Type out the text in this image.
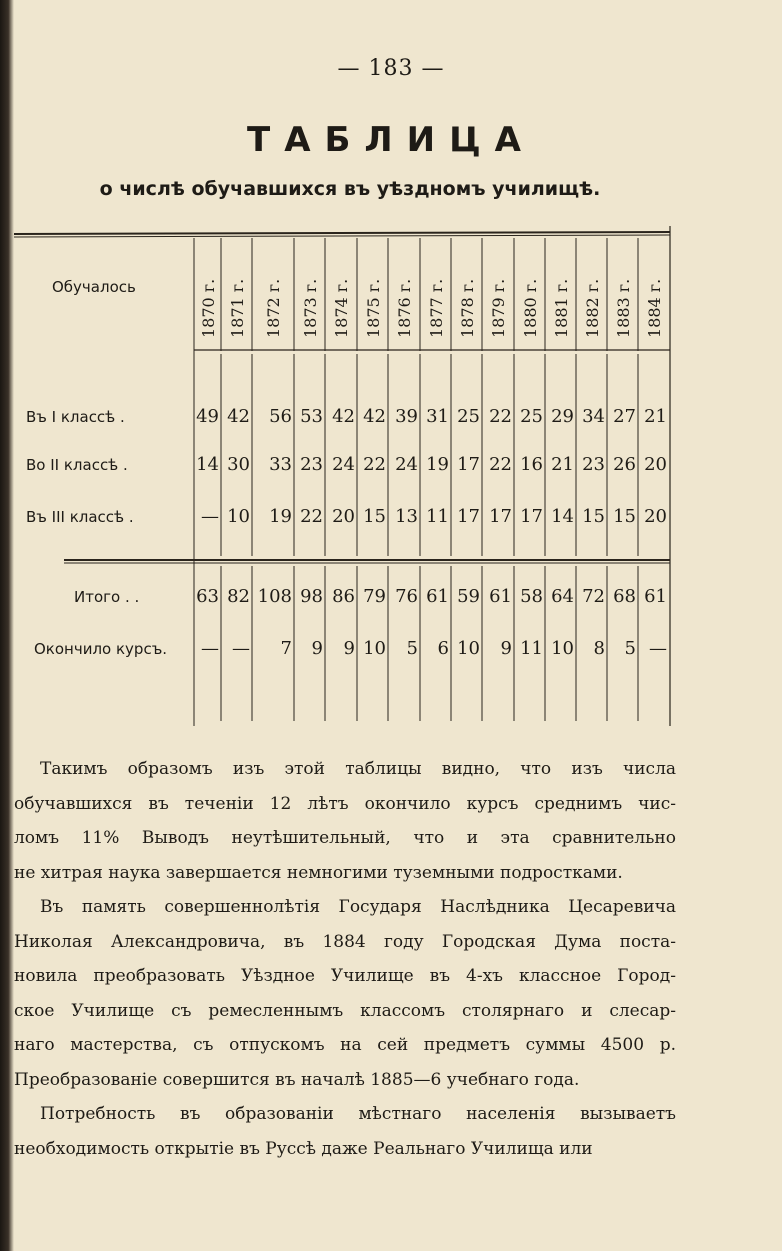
— 183 —
ТАБЛИЦА
о числѣ обучавшихся въ уѣздномъ училищѣ.
Обучалось	1870 г. 1871 г. 1872 г. 1873 г. 1874 г. 1875 г. 1876 г. 1877 г. 1878 г. 1879 г. 1880 г. 1881 г. 1882 г. 1883 г. 1884 г.
Въ I классѣ .	49 42	56 53 42 42 39 31 25 22 25 29 34 27 21
Во II классѣ .	14 30	33 23 24 22 24 19 17 22 16 21 23 26 20
Въ III классѣ .	— 10	19 22 20 15 13 11 17 17 17 14 15 15 20
Итого . .	63 82 108 98 86 79 76 61 59 61 58 64 72 68 61
Окончило курсъ.	— —	7	9	9 10	5	6 10	9 11 10	8	5 —
Такимъ образомъ изъ этой таблицы видно, что изъ числа
обучавшихся въ теченіи 12 лѣтъ окончило курсъ среднимъ чис-
ломъ 11% Выводъ неутѣшительный, что и эта сравнительно
не хитрая наука завершается немногими туземными подростками.
Въ память совершеннолѣтія Государя Наслѣдника Цесаревича
Николая Александровича, въ 1884 году Городская Дума поста-
новила преобразовать Уѣздное Училище въ 4-хъ классное Город-
ское Училище съ ремесленнымъ классомъ столярнаго и слесар-
наго мастерства, съ отпускомъ на сей предметъ суммы 4500 р.
Преобразованіе совершится въ началѣ 1885—6 учебнаго года.
Потребность въ образованіи мѣстнаго населенія вызываетъ
необходимость открытіе въ Руссѣ даже Реальнаго Училища или
